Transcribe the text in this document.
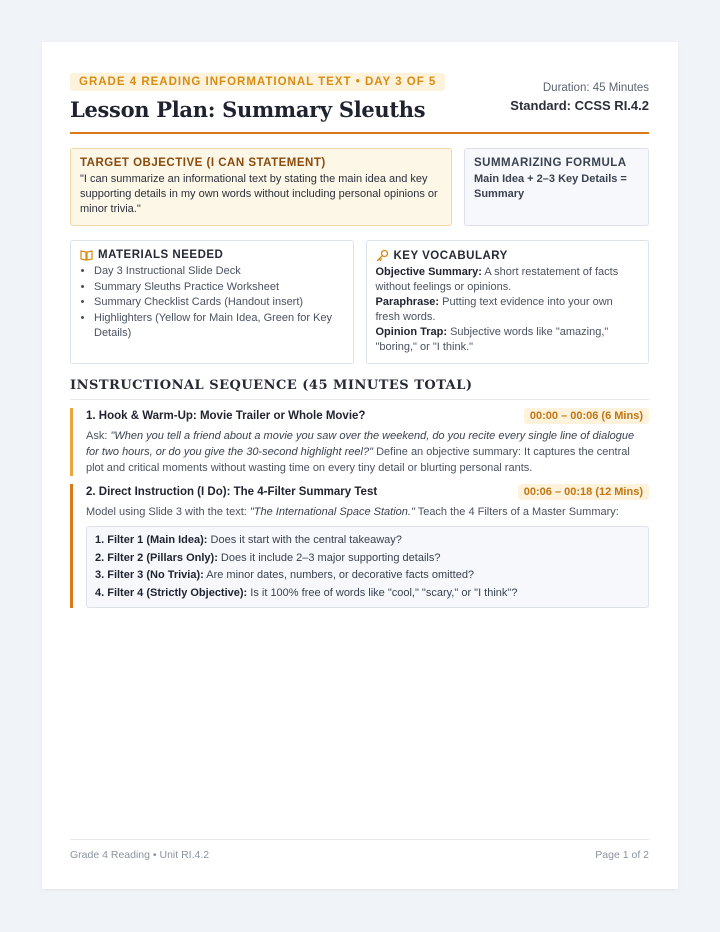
GRADE 4 READING INFORMATIONAL TEXT • DAY 3 OF 5
Lesson Plan: Summary Sleuths
Duration: 45 Minutes
Standard: CCSS RI.4.2
TARGET OBJECTIVE (I CAN STATEMENT)

"I can summarize an informational text by stating the main idea and key supporting details in my own words without including personal opinions or minor trivia."

SUMMARIZING FORMULA

Main Idea + 2–3 Key Details = Summary

MATERIALS NEEDED
• Day 3 Instructional Slide Deck
• Summary Sleuths Practice Worksheet
• Summary Checklist Cards (Handout insert)
• Highlighters (Yellow for Main Idea, Green for Key Details)
KEY VOCABULARY
Objective Summary: A short restatement of facts without feelings or opinions.
Paraphrase: Putting text evidence into your own fresh words.
Opinion Trap: Subjective words like "amazing," "boring," or "I think."
INSTRUCTIONAL SEQUENCE (45 MINUTES TOTAL)
1. Hook & Warm-Up: Movie Trailer or Whole Movie?	00:00 – 00:06 (6 Mins)

Ask: "When you tell a friend about a movie you saw over the weekend, do you recite every single line of dialogue for two hours, or do you give the 30-second highlight reel?" Define an objective summary: It captures the central plot and critical moments without wasting time on every tiny detail or blurting personal rants.

2. Direct Instruction (I Do): The 4-Filter Summary Test	00:06 – 00:18 (12 Mins)

Model using Slide 3 with the text: "The International Space Station." Teach the 4 Filters of a Master Summary:

1. Filter 1 (Main Idea): Does it start with the central takeaway?
2. Filter 2 (Pillars Only): Does it include 2–3 major supporting details?
3. Filter 3 (No Trivia): Are minor dates, numbers, or decorative facts omitted?
4. Filter 4 (Strictly Objective): Is it 100% free of words like "cool," "scary," or "I think"?
Grade 4 Reading • Unit RI.4.2	Page 1 of 2
